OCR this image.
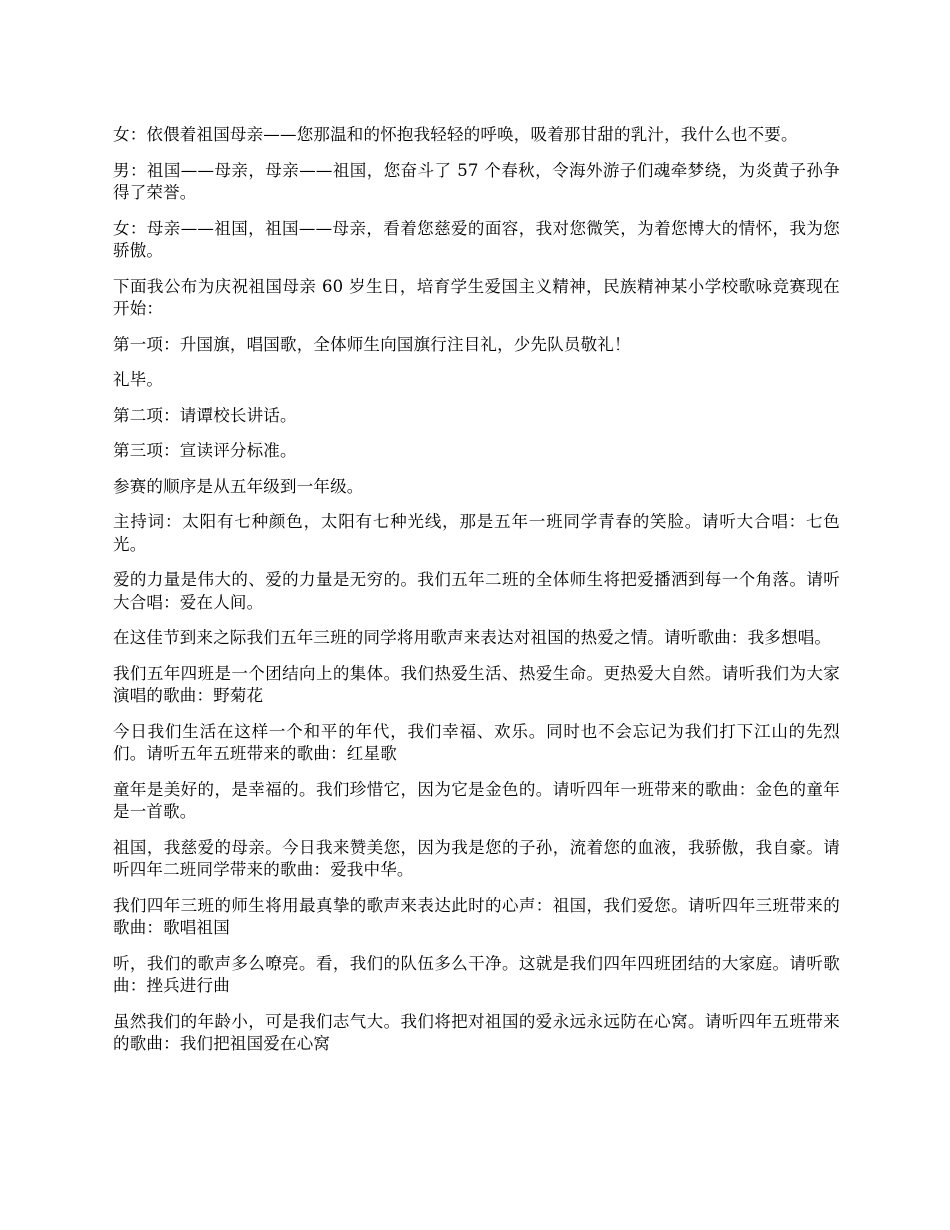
女：依偎着祖国母亲——您那温和的怀抱我轻轻的呼唤，吸着那甘甜的乳汁，我什么也不要。

男：祖国——母亲，母亲——祖国，您奋斗了 57 个春秋，令海外游子们魂牵梦绕，为炎黄子孙争得了荣誉。

女：母亲——祖国，祖国——母亲，看着您慈爱的面容，我对您微笑，为着您博大的情怀，我为您骄傲。

下面我公布为庆祝祖国母亲 60 岁生日，培育学生爱国主义精神，民族精神某小学校歌咏竞赛现在开始：

第一项：升国旗，唱国歌，全体师生向国旗行注目礼，少先队员敬礼！

礼毕。

第二项：请谭校长讲话。

第三项：宣读评分标准。

参赛的顺序是从五年级到一年级。

主持词：太阳有七种颜色，太阳有七种光线，那是五年一班同学青春的笑脸。请听大合唱：七色光。

爱的力量是伟大的、爱的力量是无穷的。我们五年二班的全体师生将把爱播洒到每一个角落。请听大合唱：爱在人间。

在这佳节到来之际我们五年三班的同学将用歌声来表达对祖国的热爱之情。请听歌曲：我多想唱。

我们五年四班是一个团结向上的集体。我们热爱生活、热爱生命。更热爱大自然。请听我们为大家演唱的歌曲：野菊花

今日我们生活在这样一个和平的年代，我们幸福、欢乐。同时也不会忘记为我们打下江山的先烈们。请听五年五班带来的歌曲：红星歌

童年是美好的，是幸福的。我们珍惜它，因为它是金色的。请听四年一班带来的歌曲：金色的童年是一首歌。

祖国，我慈爱的母亲。今日我来赞美您，因为我是您的子孙，流着您的血液，我骄傲，我自豪。请听四年二班同学带来的歌曲：爱我中华。

我们四年三班的师生将用最真挚的歌声来表达此时的心声：祖国，我们爱您。请听四年三班带来的歌曲：歌唱祖国

听，我们的歌声多么嘹亮。看，我们的队伍多么干净。这就是我们四年四班团结的大家庭。请听歌曲：挫兵进行曲

虽然我们的年龄小，可是我们志气大。我们将把对祖国的爱永远永远防在心窝。请听四年五班带来的歌曲：我们把祖国爱在心窝
